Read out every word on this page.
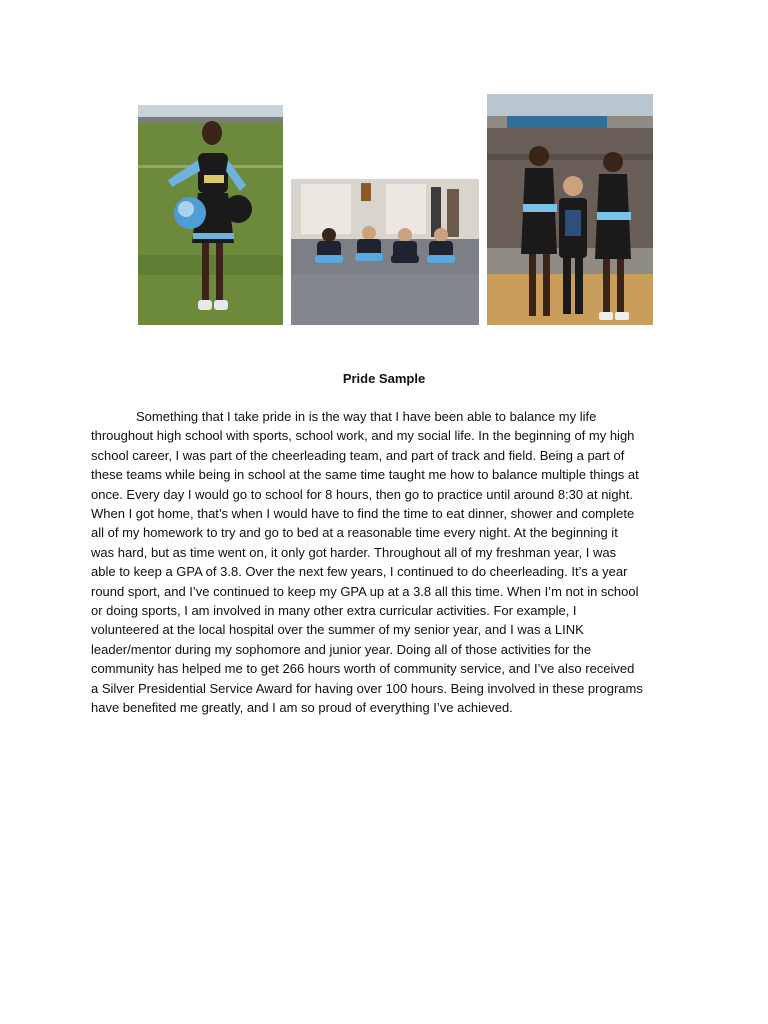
Pride Sample

Something that I take pride in is the way that I have been able to balance my life
throughout high school with sports, school work, and my social life. In the beginning of my high
school career, I was part of the cheerleading team, and part of track and field. Being a part of
these teams while being in school at the same time taught me how to balance multiple things at
once. Every day I would go to school for 8 hours, then go to practice until around 8:30 at night.
When I got home, that’s when I would have to find the time to eat dinner, shower and complete
all of my homework to try and go to bed at a reasonable time every night. At the beginning it
was hard, but as time went on, it only got harder. Throughout all of my freshman year, I was
able to keep a GPA of 3.8. Over the next few years, I continued to do cheerleading. It’s a year
round sport, and I’ve continued to keep my GPA up at a 3.8 all this time. When I’m not in school
or doing sports, I am involved in many other extra curricular activities. For example, I
volunteered at the local hospital over the summer of my senior year, and I was a LINK
leader/mentor during my sophomore and junior year. Doing all of those activities for the
community has helped me to get 266 hours worth of community service, and I’ve also received
a Silver Presidential Service Award for having over 100 hours. Being involved in these programs
have benefited me greatly, and I am so proud of everything I’ve achieved.
